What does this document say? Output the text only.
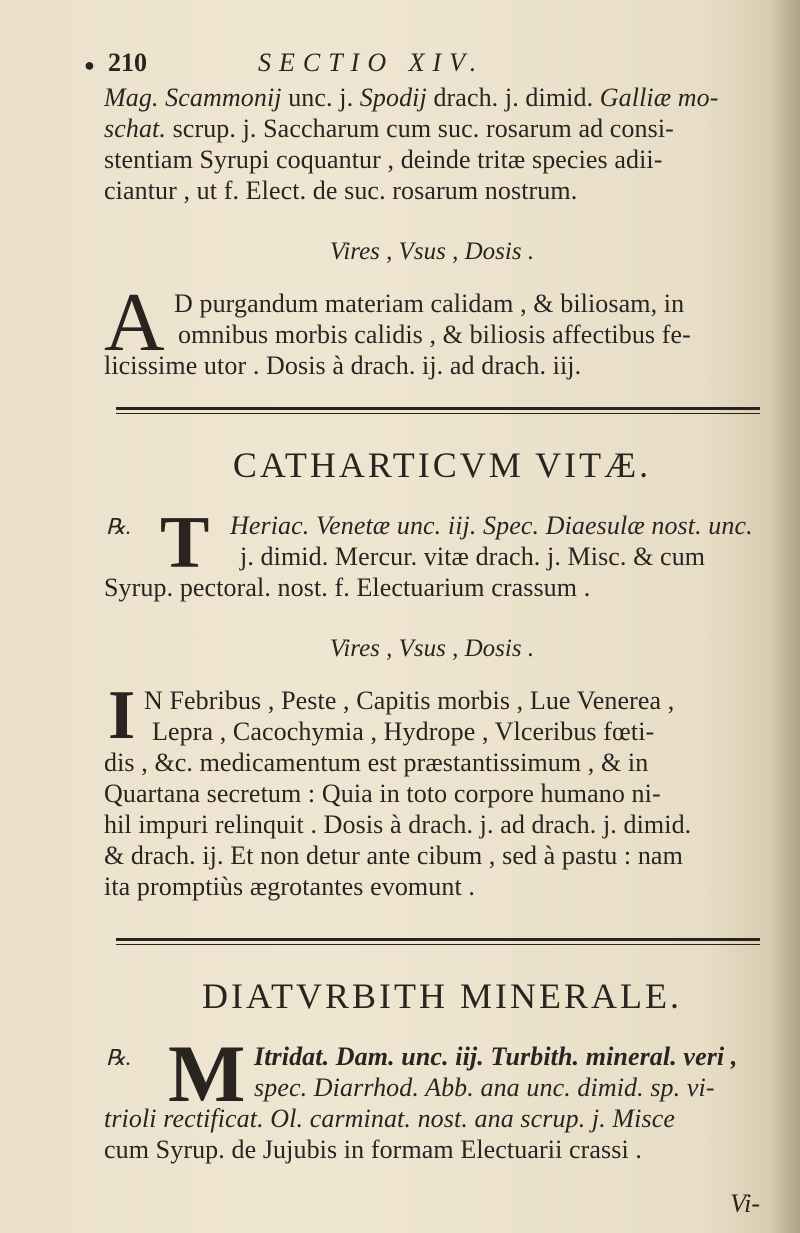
● 210	SECTIO XIV.
Mag. Scammonij unc. j. Spodij drach. j. dimid. Galliæ mo-
schat. scrup. j. Saccharum cum suc. rosarum ad consi-
stentiam Syrupi coquantur , deinde tritæ species adii-
ciantur , ut f. Elect. de suc. rosarum nostrum.
Vires , Vsus , Dosis .
A D purgandum materiam calidam , & biliosam, in
omnibus morbis calidis , & biliosis affectibus fe-
licissime utor . Dosis à drach. ij. ad drach. iij.
CATHARTICVM VITÆ.
℞. T Heriac. Venetæ unc. iij. Spec. Diaesulæ nost. unc.
j. dimid. Mercur. vitæ drach. j. Misc. & cum
Syrup. pectoral. nost. f. Electuarium crassum .
Vires , Vsus , Dosis .
I N Febribus , Peste , Capitis morbis , Lue Venerea ,
Lepra , Cacochymia , Hydrope , Vlceribus fœti-
dis , &c. medicamentum est præstantissimum , & in
Quartana secretum : Quia in toto corpore humano ni-
hil impuri relinquit . Dosis à drach. j. ad drach. j. dimid.
& drach. ij. Et non detur ante cibum , sed à pastu : nam
ita promptiùs ægrotantes evomunt .
DIATVRBITH MINERALE.
℞. M Itridat. Dam. unc. iij. Turbith. mineral. veri ,
spec. Diarrhod. Abb. ana unc. dimid. sp. vi-
trioli rectificat. Ol. carminat. nost. ana scrup. j. Misce
cum Syrup. de Jujubis in formam Electuarii crassi .
Vi-
